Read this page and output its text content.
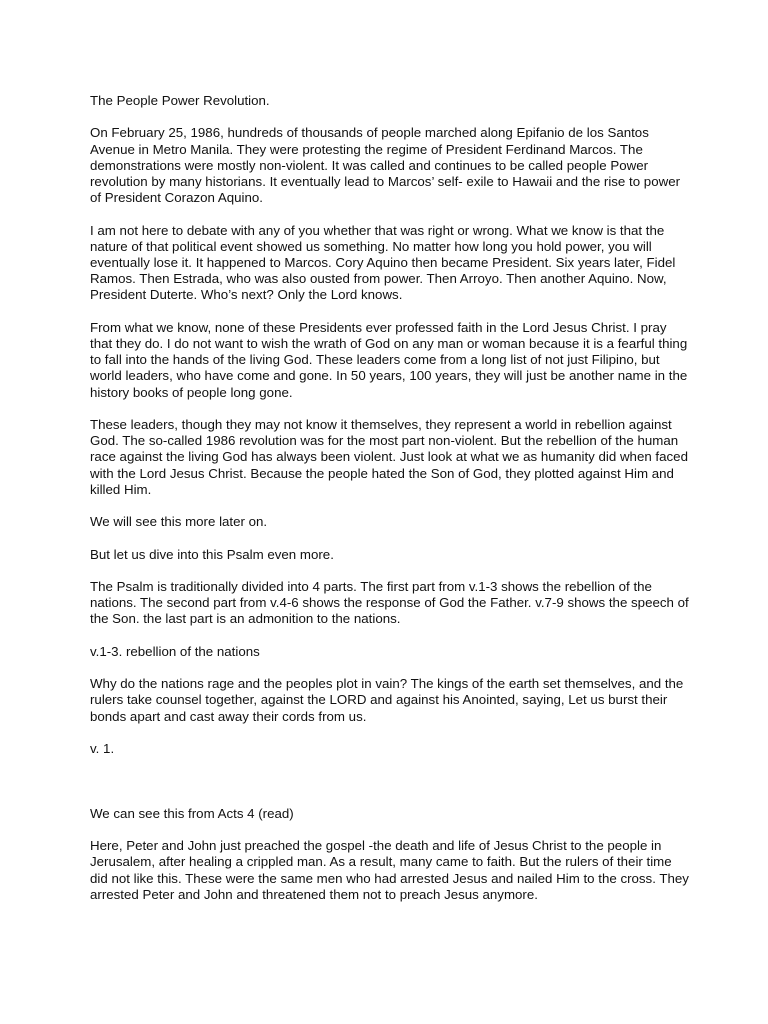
The People Power Revolution.

On February 25, 1986, hundreds of thousands of people marched along Epifanio de los Santos Avenue in Metro Manila. They were protesting the regime of President Ferdinand Marcos. The demonstrations were mostly non-violent. It was called and continues to be called people Power revolution by many historians. It eventually lead to Marcos’ self- exile to Hawaii and the rise to power of President Corazon Aquino.

I am not here to debate with any of you whether that was right or wrong. What we know is that the nature of that political event showed us something. No matter how long you hold power, you will eventually lose it. It happened to Marcos. Cory Aquino then became President. Six years later, Fidel Ramos. Then Estrada, who was also ousted from power. Then Arroyo. Then another Aquino. Now, President Duterte. Who’s next? Only the Lord knows.

From what we know, none of these Presidents ever professed faith in the Lord Jesus Christ. I pray that they do. I do not want to wish the wrath of God on any man or woman because it is a fearful thing to fall into the hands of the living God. These leaders come from a long list of not just Filipino, but world leaders, who have come and gone. In 50 years, 100 years, they will just be another name in the history books of people long gone.

These leaders, though they may not know it themselves, they represent a world in rebellion against God. The so-called 1986 revolution was for the most part non-violent. But the rebellion of the human race against the living God has always been violent. Just look at what we as humanity did when faced with the Lord Jesus Christ. Because the people hated the Son of God, they plotted against Him and killed Him.

We will see this more later on.

But let us dive into this Psalm even more.

The Psalm is traditionally divided into 4 parts. The first part from v.1-3 shows the rebellion of the nations. The second part from v.4-6 shows the response of God the Father. v.7-9 shows the speech of the Son. the last part is an admonition to the nations.

v.1-3. rebellion of the nations

Why do the nations rage and the peoples plot in vain? The kings of the earth set themselves, and the rulers take counsel together, against the LORD and against his Anointed, saying, Let us burst their bonds apart and cast away their cords from us.

v. 1.

We can see this from Acts 4 (read)

Here, Peter and John just preached the gospel -the death and life of Jesus Christ to the people in Jerusalem, after healing a crippled man. As a result, many came to faith. But the rulers of their time did not like this. These were the same men who had arrested Jesus and nailed Him to the cross. They arrested Peter and John and threatened them not to preach Jesus anymore.
